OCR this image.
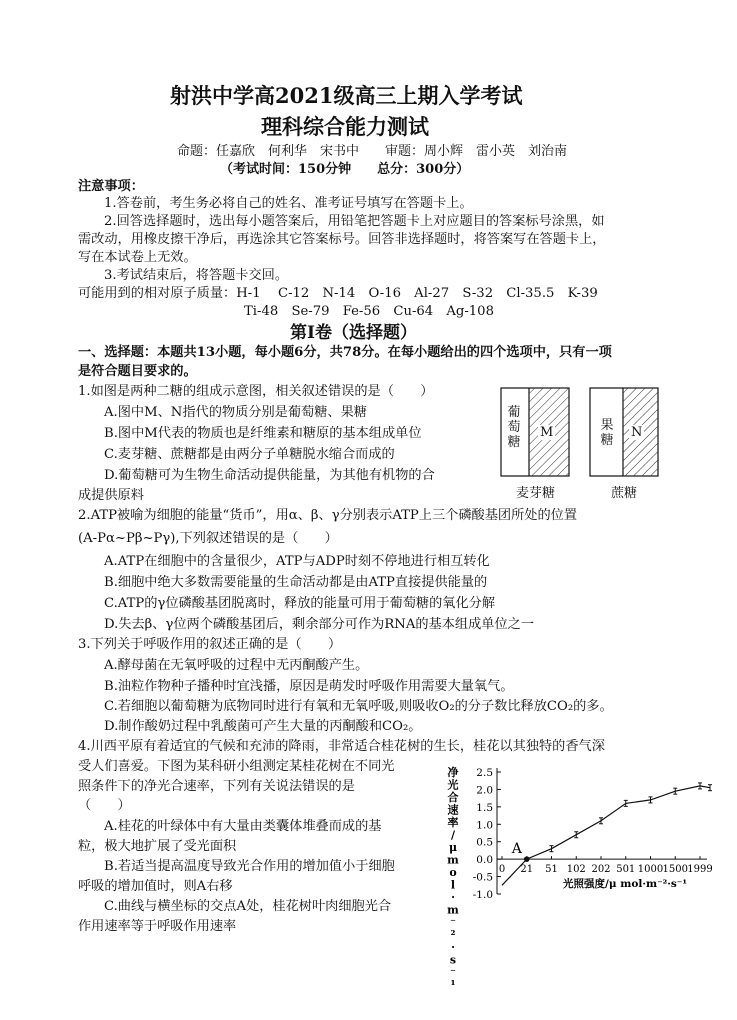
射洪中学高2021级高三上期入学考试
理科综合能力测试
命题：任嘉欣　何利华　宋书中　　审题：周小辉　雷小英　刘治南
（考试时间：150分钟　　总分：300分）
注意事项：
1.答卷前，考生务必将自己的姓名、准考证号填写在答题卡上。
2.回答选择题时，选出每小题答案后，用铅笔把答题卡上对应题目的答案标号涂黑，如
需改动，用橡皮擦干净后，再选涂其它答案标号。回答非选择题时，将答案写在答题卡上，
写在本试卷上无效。
3.考试结束后，将答题卡交回。
可能用到的相对原子质量：H-1　 C-12　N-14　O-16　Al-27　S-32　Cl-35.5　K-39
Ti-48　Se-79　Fe-56　Cu-64　Ag-108
第Ⅰ卷（选择题）
一、选择题：本题共13小题，每小题6分，共78分。在每小题给出的四个选项中，只有一项
是符合题目要求的。
1.如图是两种二糖的组成示意图，相关叙述错误的是（　　）
A.图中M、N指代的物质分别是葡萄糖、果糖
B.图中M代表的物质也是纤维素和糖原的基本组成单位
C.麦芽糖、蔗糖都是由两分子单糖脱水缩合而成的
D.葡萄糖可为生物生命活动提供能量，为其他有机物的合
成提供原料
葡萄糖
M	果糖
N
麦芽糖	蔗糖
2.ATP被喻为细胞的能量“货币”，用α、β、γ分别表示ATP上三个磷酸基团所处的位置
(A-Pα~Pβ~Pγ),下列叙述错误的是（　　）
A.ATP在细胞中的含量很少，ATP与ADP时刻不停地进行相互转化
B.细胞中绝大多数需要能量的生命活动都是由ATP直接提供能量的
C.ATP的γ位磷酸基团脱离时，释放的能量可用于葡萄糖的氧化分解
D.失去β、γ位两个磷酸基团后，剩余部分可作为RNA的基本组成单位之一
3.下列关于呼吸作用的叙述正确的是（　　）
A.酵母菌在无氧呼吸的过程中无丙酮酸产生。
B.油粒作物种子播种时宜浅播，原因是萌发时呼吸作用需要大量氧气。
C.若细胞以葡萄糖为底物同时进行有氧和无氧呼吸,则吸收O₂的分子数比释放CO₂的多。
D.制作酸奶过程中乳酸菌可产生大量的丙酮酸和CO₂。
4.川西平原有着适宜的气候和充沛的降雨，非常适合桂花树的生长，桂花以其独特的香气深
受人们喜爱。下图为某科研小组测定某桂花树在不同光
照条件下的净光合速率，下列有关说法错误的是
（　　）
A.桂花的叶绿体中有大量由类囊体堆叠而成的基
粒，极大地扩展了受光面积
B.若适当提高温度导致光合作用的增加值小于细胞
呼吸的增加值时，则A右移
C.曲线与横坐标的交点A处，桂花树叶肉细胞光合
作用速率等于呼吸作用速率
净
光
合
速
率
/
μ
m
o
l
·
m
⁻
²
·
s
⁻
¹
-1.0
-0.5
0.0
0.5
1.0
1.5
2.0
2.5
0 21 51 102 202 501 1000 1500 1999
A
光照强度/μ mol·m⁻²·s⁻¹
